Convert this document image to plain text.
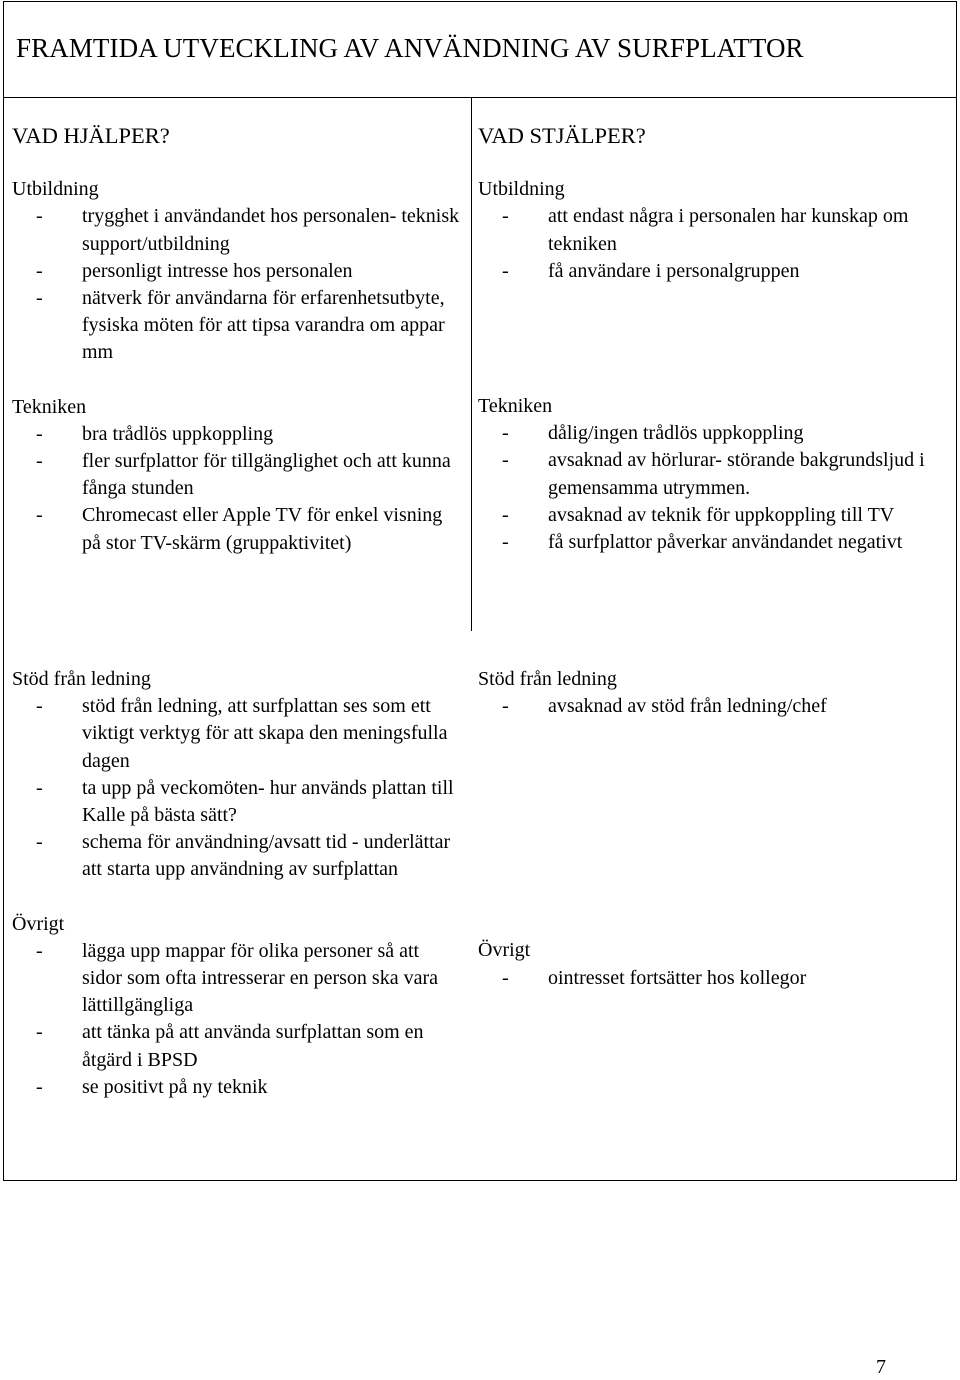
FRAMTIDA UTVECKLING AV ANVÄNDNING AV SURFPLATTOR

VAD HJÄLPER?

Utbildning

- trygghet i användandet hos personalen- teknisk support/utbildning
- personligt intresse hos personalen
- nätverk för användarna för erfarenhetsutbyte, fysiska möten för att tipsa varandra om appar mm

Tekniken

- bra trådlös uppkoppling
- fler surfplattor för tillgänglighet och att kunna fånga stunden
- Chromecast eller Apple TV för enkel visning på stor TV-skärm (gruppaktivitet)

VAD STJÄLPER?

Utbildning

- att endast några i personalen har kunskap om tekniken
- få användare i personalgruppen

Tekniken

- dålig/ingen trådlös uppkoppling
- avsaknad av hörlurar- störande bakgrundsljud i gemensamma utrymmen.
- avsaknad av teknik för uppkoppling till TV
- få surfplattor påverkar användandet negativt

Stöd från ledning

- stöd från ledning, att surfplattan ses som ett viktigt verktyg för att skapa den meningsfulla dagen
- ta upp på veckomöten- hur används plattan till Kalle på bästa sätt?
- schema för användning/avsatt tid - underlättar att starta upp användning av surfplattan

Övrigt

- lägga upp mappar för olika personer så att sidor som ofta intresserar en person ska vara lättillgängliga
- att tänka på att använda surfplattan som en åtgärd i BPSD
- se positivt på ny teknik

Stöd från ledning

- avsaknad av stöd från ledning/chef

Övrigt

- ointresset fortsätter hos kollegor

7
